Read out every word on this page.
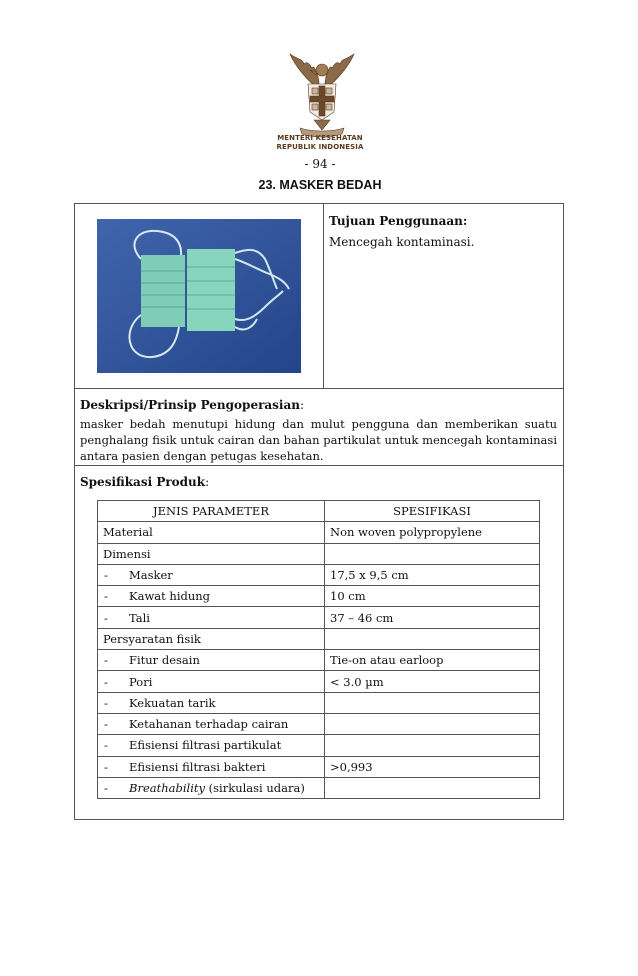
MENTERI KESEHATAN
REPUBLIK INDONESIA
- 94 -
23. MASKER BEDAH
Tujuan Penggunaan:
Mencegah kontaminasi.
Deskripsi/Prinsip Pengoperasian:
masker bedah menutupi hidung dan mulut pengguna dan memberikan suatu penghalang fisik untuk cairan dan bahan partikulat untuk mencegah kontaminasi antara pasien dengan petugas kesehatan.
Spesifikasi Produk:
JENIS PARAMETER	SPESIFIKASI
Material	Non woven polypropylene
Dimensi	
- Masker	17,5 x 9,5 cm
- Kawat hidung	10 cm
- Tali	37 – 46 cm
Persyaratan fisik	
- Fitur desain	Tie-on atau earloop
- Pori	< 3.0 µm
- Kekuatan tarik	
- Ketahanan terhadap cairan	
- Efisiensi filtrasi partikulat	
- Efisiensi filtrasi bakteri	>0,993
- Breathability (sirkulasi udara)	
